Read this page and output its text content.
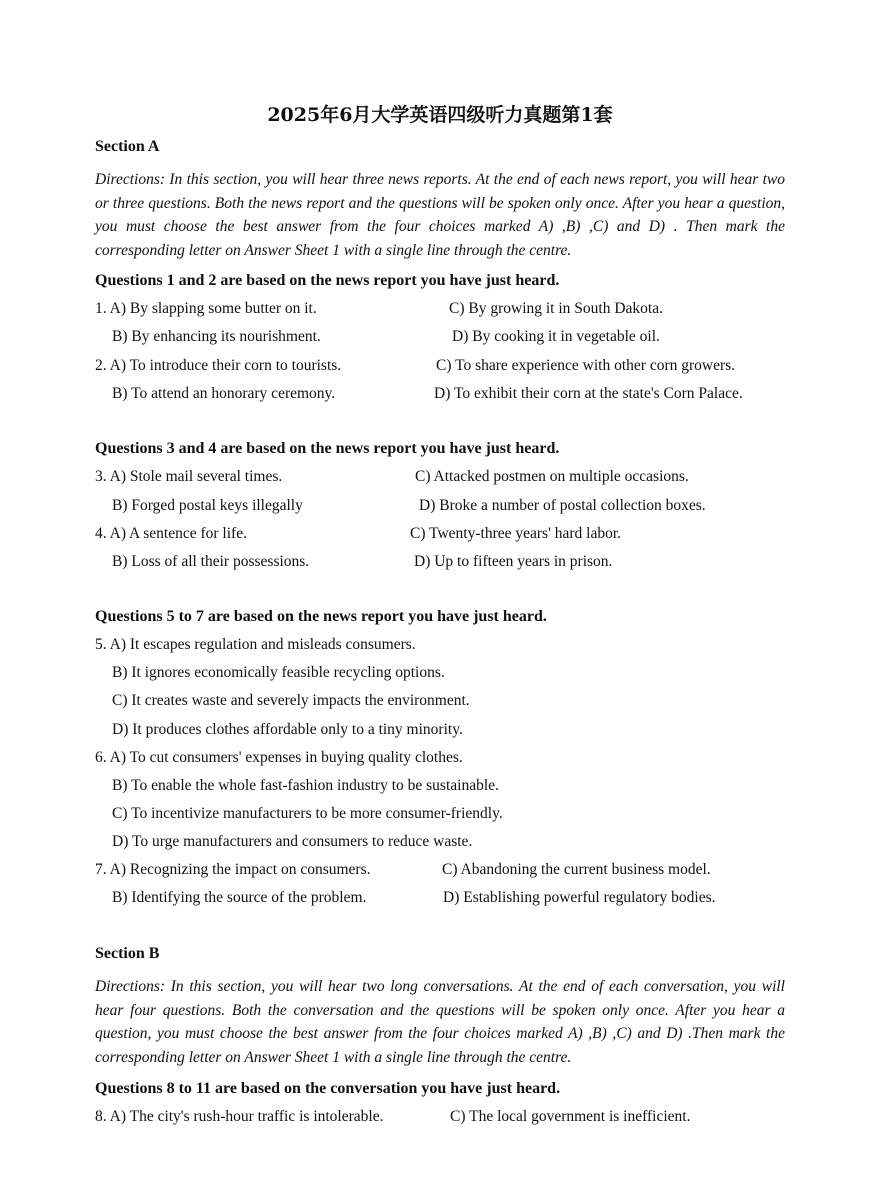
2025年6月大学英语四级听力真题第1套
Section A
Directions: In this section, you will hear three news reports. At the end of each news report, you will hear two or three questions. Both the news report and the questions will be spoken only once. After you hear a question, you must choose the best answer from the four choices marked A) ,B) ,C) and D) . Then mark the corresponding letter on Answer Sheet 1 with a single line through the centre.
Questions 1 and 2 are based on the news report you have just heard.
1. A) By slapping some butter on it.	C) By growing it in South Dakota.
B) By enhancing its nourishment.	D) By cooking it in vegetable oil.
2. A) To introduce their corn to tourists.	C) To share experience with other corn growers.
B) To attend an honorary ceremony.	D) To exhibit their corn at the state's Corn Palace.
Questions 3 and 4 are based on the news report you have just heard.
3. A) Stole mail several times.	C) Attacked postmen on multiple occasions.
B) Forged postal keys illegally	D) Broke a number of postal collection boxes.
4. A) A sentence for life.	C) Twenty-three years' hard labor.
B) Loss of all their possessions.	D) Up to fifteen years in prison.
Questions 5 to 7 are based on the news report you have just heard.
5. A) It escapes regulation and misleads consumers.
B) It ignores economically feasible recycling options.
C) It creates waste and severely impacts the environment.
D) It produces clothes affordable only to a tiny minority.
6. A) To cut consumers' expenses in buying quality clothes.
B) To enable the whole fast-fashion industry to be sustainable.
C) To incentivize manufacturers to be more consumer-friendly.
D) To urge manufacturers and consumers to reduce waste.
7. A) Recognizing the impact on consumers.	C) Abandoning the current business model.
B) Identifying the source of the problem.	D) Establishing powerful regulatory bodies.
Section B
Directions: In this section, you will hear two long conversations. At the end of each conversation, you will hear four questions. Both the conversation and the questions will be spoken only once. After you hear a question, you must choose the best answer from the four choices marked A) ,B) ,C) and D) .Then mark the corresponding letter on Answer Sheet 1 with a single line through the centre.
Questions 8 to 11 are based on the conversation you have just heard.
8. A) The city's rush-hour traffic is intolerable.	C) The local government is inefficient.
